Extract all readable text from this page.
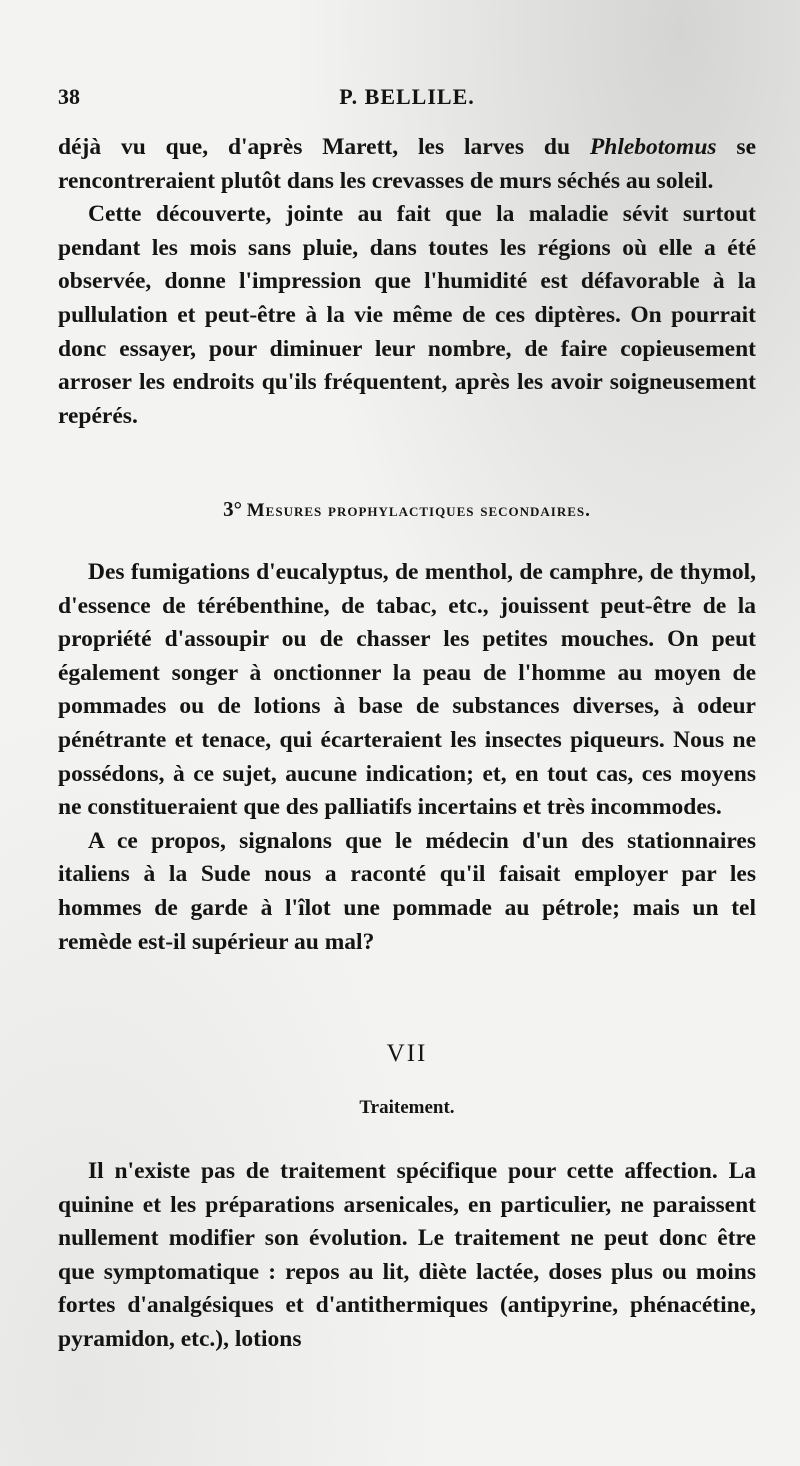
38	P. BELLILE.

déjà vu que, d'après Marett, les larves du Phlebotomus se rencontreraient plutôt dans les crevasses de murs séchés au soleil.

Cette découverte, jointe au fait que la maladie sévit surtout pendant les mois sans pluie, dans toutes les régions où elle a été observée, donne l'impression que l'humidité est défavorable à la pullulation et peut-être à la vie même de ces diptères. On pourrait donc essayer, pour diminuer leur nombre, de faire copieusement arroser les endroits qu'ils fréquentent, après les avoir soigneusement repérés.

3° Mesures prophylactiques secondaires.

Des fumigations d'eucalyptus, de menthol, de camphre, de thymol, d'essence de térébenthine, de tabac, etc., jouissent peut-être de la propriété d'assoupir ou de chasser les petites mouches. On peut également songer à onctionner la peau de l'homme au moyen de pommades ou de lotions à base de substances diverses, à odeur pénétrante et tenace, qui écarteraient les insectes piqueurs. Nous ne possédons, à ce sujet, aucune indication; et, en tout cas, ces moyens ne constitueraient que des palliatifs incertains et très incommodes.

A ce propos, signalons que le médecin d'un des stationnaires italiens à la Sude nous a raconté qu'il faisait employer par les hommes de garde à l'îlot une pommade au pétrole; mais un tel remède est-il supérieur au mal?

VII
Traitement.

Il n'existe pas de traitement spécifique pour cette affection. La quinine et les préparations arsenicales, en particulier, ne paraissent nullement modifier son évolution. Le traitement ne peut donc être que symptomatique : repos au lit, diète lactée, doses plus ou moins fortes d'analgésiques et d'antithermiques (antipyrine, phénacétine, pyramidon, etc.), lotions
